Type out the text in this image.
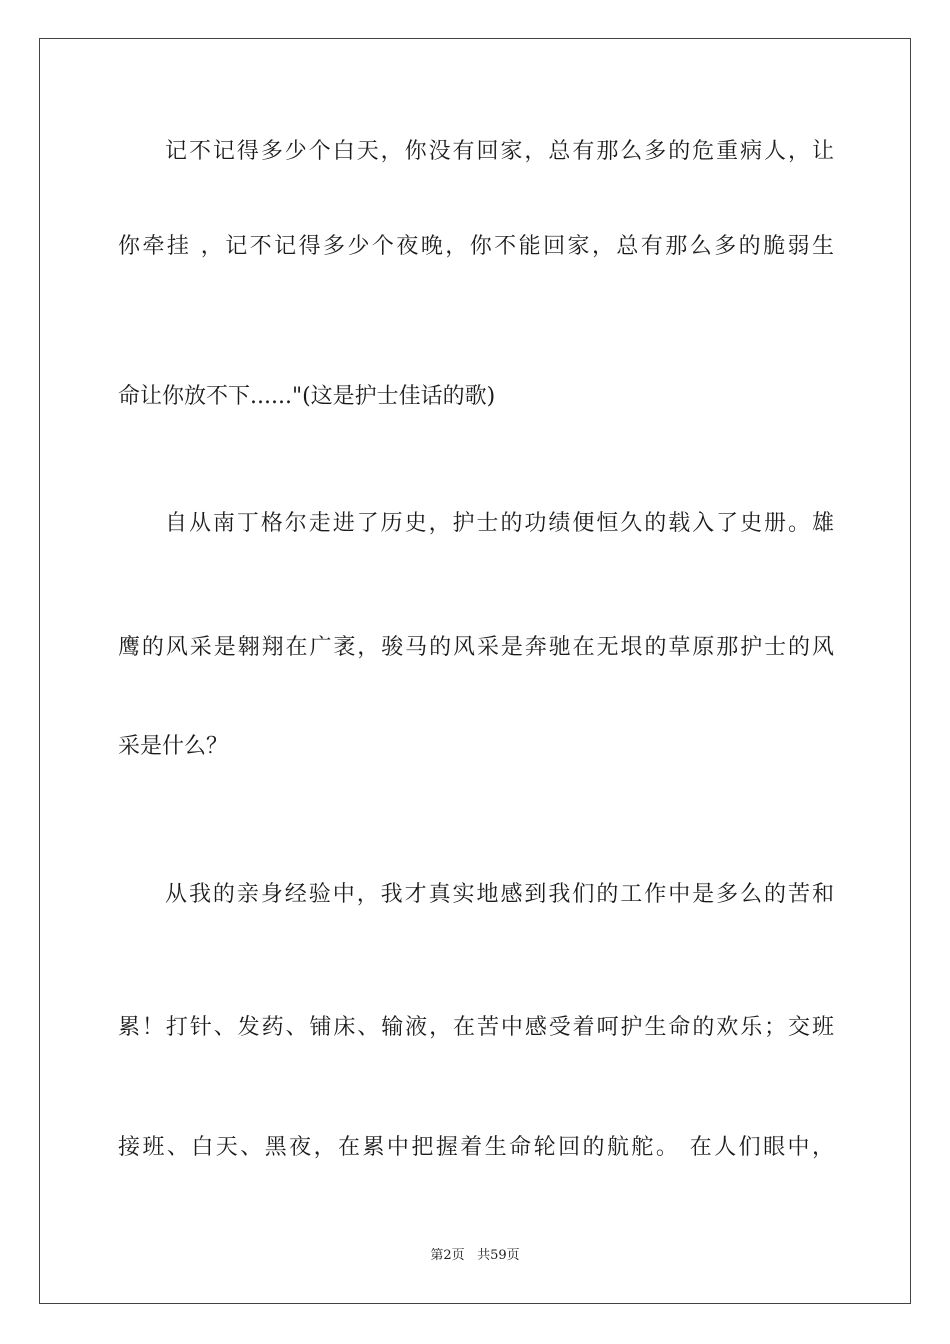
记不记得多少个白天，你没有回家，总有那么多的危重病人，让
你牵挂 ，记不记得多少个夜晚，你不能回家，总有那么多的脆弱生
命让你放不下......"(这是护士佳话的歌)
自从南丁格尔走进了历史，护士的功绩便恒久的载入了史册。雄
鹰的风采是翱翔在广袤，骏马的风采是奔驰在无垠的草原那护士的风
采是什么？
从我的亲身经验中，我才真实地感到我们的工作中是多么的苦和
累！打针、发药、铺床、输液，在苦中感受着呵护生命的欢乐；交班
接班、白天、黑夜，在累中把握着生命轮回的航舵。 在人们眼中，
第2页 共59页
